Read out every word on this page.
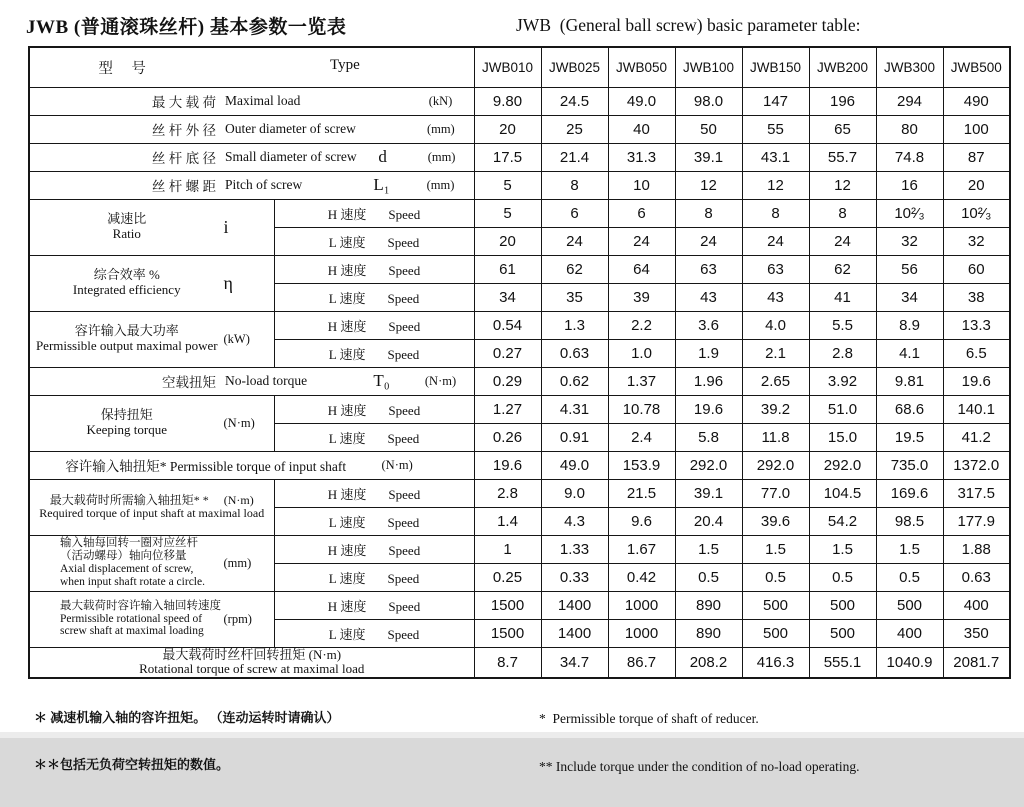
JWB (普通滚珠丝杆) 基本参数一览表	JWB  (General ball screw) basic parameter table:
型　号 Type		JWB010	JWB025	JWB050	JWB100	JWB150	JWB200	JWB300	JWB500

最 大 载 荷 Maximal load (kN)		9.80	24.5	49.0	98.0	147	196	294	490

丝 杆 外 径 Outer diameter of screw (mm)		20	25	40	50	55	65	80	100

丝 杆 底 径 Small diameter of screw d (mm)		17.5	21.4	31.3	39.1	43.1	55.7	74.8	87

丝 杆 螺 距 Pitch of screw L₁ (mm)		5	8	10	12	12	12	16	20

减速比
Ratio i	H 速度 Speed	5	6	6	8	8	8	10²⁄₃	10²⁄₃
	L 速度 Speed	20	24	24	24	24	24	32	32

综合效率 %
Integrated efficiency η	H 速度 Speed	61	62	64	63	63	62	56	60
	L 速度 Speed	34	35	39	43	43	41	34	38

容许输入最大功率
Permissible output maximal power (kW)	H 速度 Speed	0.54	1.3	2.2	3.6	4.0	5.5	8.9	13.3
	L 速度 Speed	0.27	0.63	1.0	1.9	2.1	2.8	4.1	6.5

空载扭矩 No-load torque T₀ (N·m)		0.29	0.62	1.37	1.96	2.65	3.92	9.81	19.6

保持扭矩
Keeping torque (N·m)	H 速度 Speed	1.27	4.31	10.78	19.6	39.2	51.0	68.6	140.1
	L 速度 Speed	0.26	0.91	2.4	5.8	11.8	15.0	19.5	41.2

容许输入轴扭矩* Permissible torque of input shaft (N·m)		19.6	49.0	153.9	292.0	292.0	292.0	735.0	1372.0

最大载荷时所需输入轴扭矩* *　 (N·m)
Required torque of input shaft at maximal load	H 速度 Speed	2.8	9.0	21.5	39.1	77.0	104.5	169.6	317.5
	L 速度 Speed	1.4	4.3	9.6	20.4	39.6	54.2	98.5	177.9

输入轴每回转一圈对应丝杆
（活动螺母）轴向位移量
Axial displacement of screw,
when input shaft rotate a circle.
(mm)	H 速度 Speed	1	1.33	1.67	1.5	1.5	1.5	1.5	1.88
	L 速度 Speed	0.25	0.33	0.42	0.5	0.5	0.5	0.5	0.63

最大载荷时容许输入轴回转速度
Permissible rotational speed of
screw shaft at maximal loading
(rpm)	H 速度 Speed	1500	1400	1000	890	500	500	500	400
	L 速度 Speed	1500	1400	1000	890	500	500	400	350

最大载荷时丝杆回转扭矩 (N·m)
Rotational torque of screw at maximal load		8.7	34.7	86.7	208.2	416.3	555.1	1040.9	2081.7

＊ 减速机输入轴的容许扭矩。 （连动运转时请确认）

＊＊包括无负荷空转扭矩的数值。

*  Permissible torque of shaft of reducer.

** Include torque under the condition of no-load operating.
